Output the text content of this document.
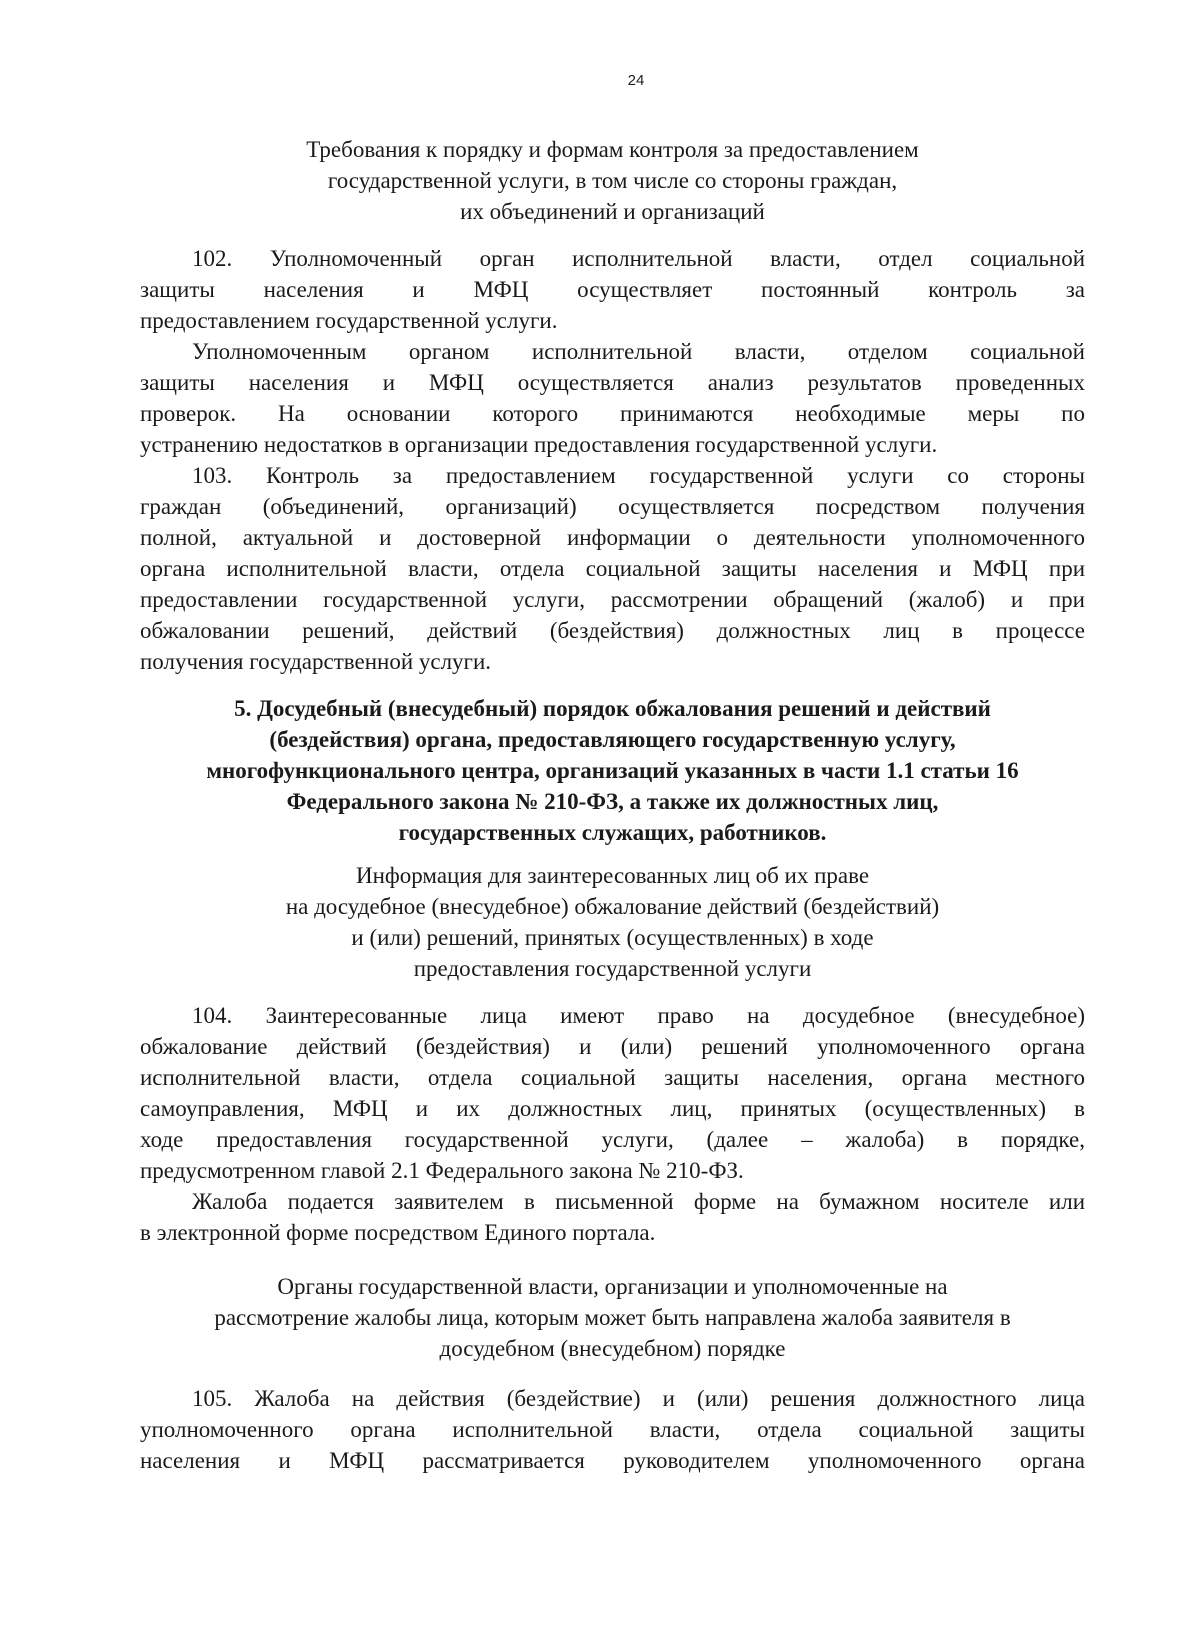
24
Требования к порядку и формам контроля за предоставлением
государственной услуги, в том числе со стороны граждан,
их объединений и организаций
102. Уполномоченный орган исполнительной власти, отдел социальной
защиты населения и МФЦ осуществляет постоянный контроль за
предоставлением государственной услуги.
Уполномоченным органом исполнительной власти, отделом социальной
защиты населения и МФЦ осуществляется анализ результатов проведенных
проверок. На основании которого принимаются необходимые меры по
устранению недостатков в организации предоставления государственной услуги.
103. Контроль за предоставлением государственной услуги со стороны
граждан (объединений, организаций) осуществляется посредством получения
полной, актуальной и достоверной информации о деятельности уполномоченного
органа исполнительной власти, отдела социальной защиты населения и МФЦ при
предоставлении государственной услуги, рассмотрении обращений (жалоб) и при
обжаловании решений, действий (бездействия) должностных лиц в процессе
получения государственной услуги.
5. Досудебный (внесудебный) порядок обжалования решений и действий
(бездействия) органа, предоставляющего государственную услугу,
многофункционального центра, организаций указанных в части 1.1 статьи 16
Федерального закона № 210-ФЗ, а также их должностных лиц,
государственных служащих, работников.
Информация для заинтересованных лиц об их праве
на досудебное (внесудебное) обжалование действий (бездействий)
и (или) решений, принятых (осуществленных) в ходе
предоставления государственной услуги
104. Заинтересованные лица имеют право на досудебное (внесудебное)
обжалование действий (бездействия) и (или) решений уполномоченного органа
исполнительной власти, отдела социальной защиты населения, органа местного
самоуправления, МФЦ и их должностных лиц, принятых (осуществленных) в
ходе предоставления государственной услуги, (далее – жалоба) в порядке,
предусмотренном главой 2.1 Федерального закона № 210-ФЗ.
Жалоба подается заявителем в письменной форме на бумажном носителе или
в электронной форме посредством Единого портала.
Органы государственной власти, организации и уполномоченные на
рассмотрение жалобы лица, которым может быть направлена жалоба заявителя в
досудебном (внесудебном) порядке
105. Жалоба на действия (бездействие) и (или) решения должностного лица
уполномоченного органа исполнительной власти, отдела социальной защиты
населения и МФЦ рассматривается руководителем уполномоченного органа
